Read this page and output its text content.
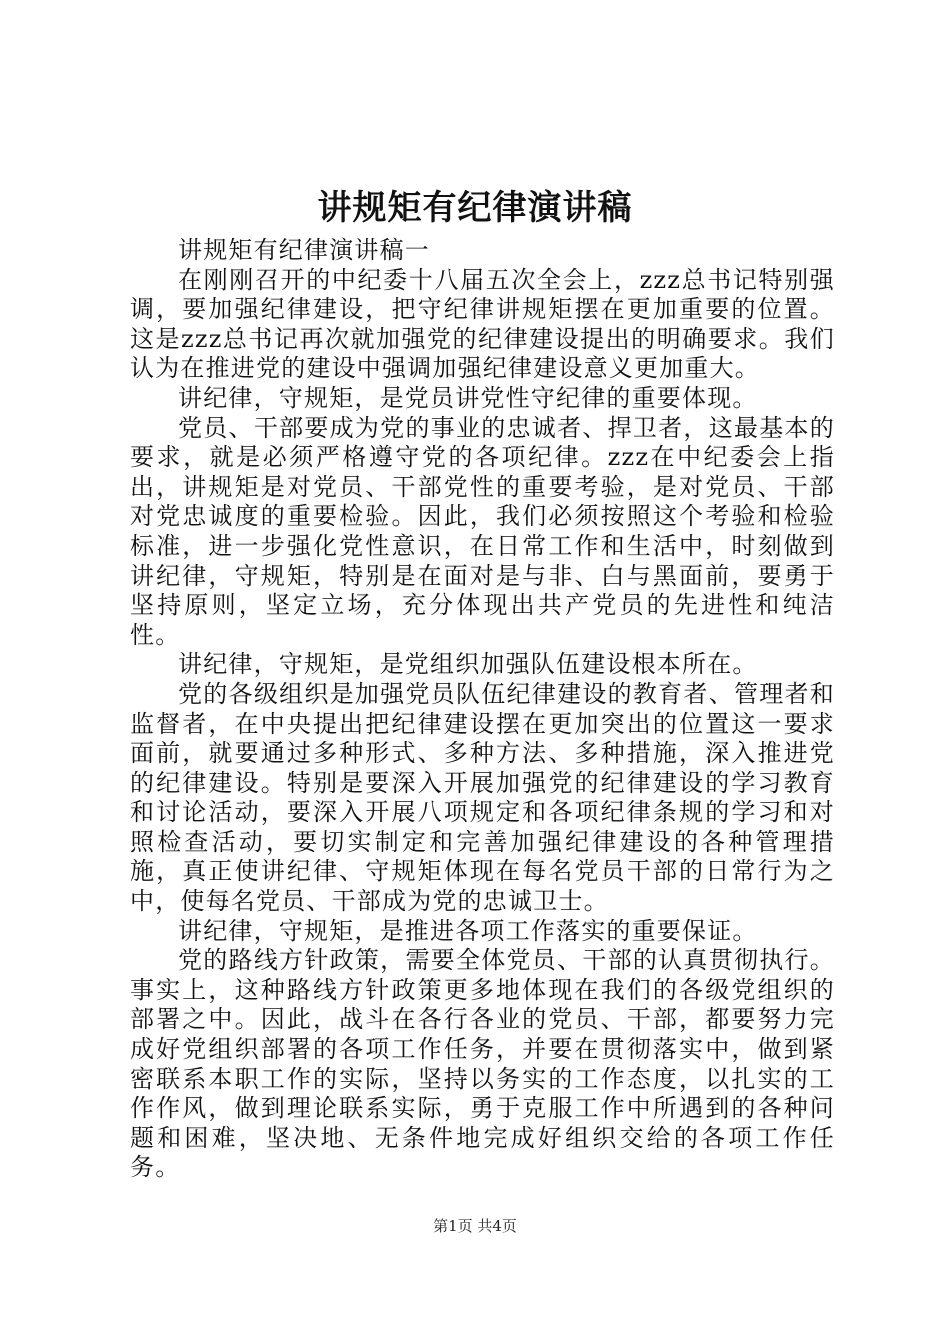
讲规矩有纪律演讲稿

讲规矩有纪律演讲稿一

在刚刚召开的中纪委十八届五次全会上，zzz总书记特别强调，要加强纪律建设，把守纪律讲规矩摆在更加重要的位置。这是zzz总书记再次就加强党的纪律建设提出的明确要求。我们认为在推进党的建设中强调加强纪律建设意义更加重大。

讲纪律，守规矩，是党员讲党性守纪律的重要体现。

党员、干部要成为党的事业的忠诚者、捍卫者，这最基本的要求，就是必须严格遵守党的各项纪律。zzz在中纪委会上指出，讲规矩是对党员、干部党性的重要考验，是对党员、干部对党忠诚度的重要检验。因此，我们必须按照这个考验和检验标准，进一步强化党性意识，在日常工作和生活中，时刻做到讲纪律，守规矩，特别是在面对是与非、白与黑面前，要勇于坚持原则，坚定立场，充分体现出共产党员的先进性和纯洁性。

讲纪律，守规矩，是党组织加强队伍建设根本所在。

党的各级组织是加强党员队伍纪律建设的教育者、管理者和监督者，在中央提出把纪律建设摆在更加突出的位置这一要求面前，就要通过多种形式、多种方法、多种措施，深入推进党的纪律建设。特别是要深入开展加强党的纪律建设的学习教育和讨论活动，要深入开展八项规定和各项纪律条规的学习和对照检查活动，要切实制定和完善加强纪律建设的各种管理措施，真正使讲纪律、守规矩体现在每名党员干部的日常行为之中，使每名党员、干部成为党的忠诚卫士。

讲纪律，守规矩，是推进各项工作落实的重要保证。

党的路线方针政策，需要全体党员、干部的认真贯彻执行。事实上，这种路线方针政策更多地体现在我们的各级党组织的部署之中。因此，战斗在各行各业的党员、干部，都要努力完成好党组织部署的各项工作任务，并要在贯彻落实中，做到紧密联系本职工作的实际，坚持以务实的工作态度，以扎实的工作作风，做到理论联系实际，勇于克服工作中所遇到的各种问题和困难，坚决地、无条件地完成好组织交给的各项工作任务。

第1页 共4页
